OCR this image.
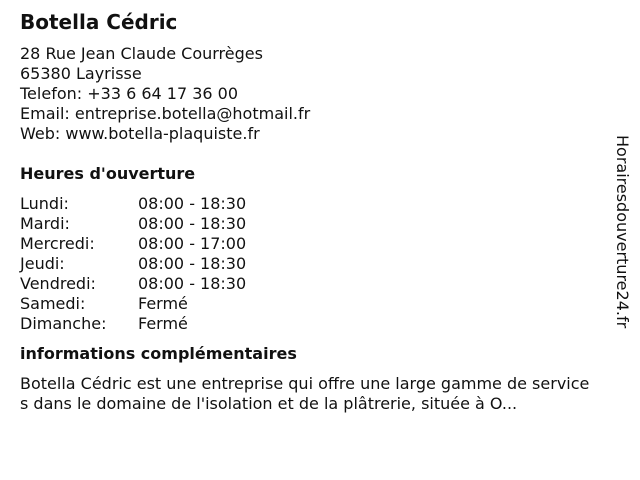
Botella Cédric
28 Rue Jean Claude Courrèges
65380 Layrisse
Telefon: +33 6 64 17 36 00
Email: entreprise.botella@hotmail.fr
Web: www.botella-plaquiste.fr
Heures d'ouverture
Lundi:	08:00 - 18:30
Mardi:	08:00 - 18:30
Mercredi:	08:00 - 17:00
Jeudi:	08:00 - 18:30
Vendredi:	08:00 - 18:30
Samedi:	Fermé
Dimanche:	Fermé
informations complémentaires
Botella Cédric est une entreprise qui offre une large gamme de services dans le domaine de l'isolation et de la plâtrerie, située à O...
Horairesdouverture24.fr
